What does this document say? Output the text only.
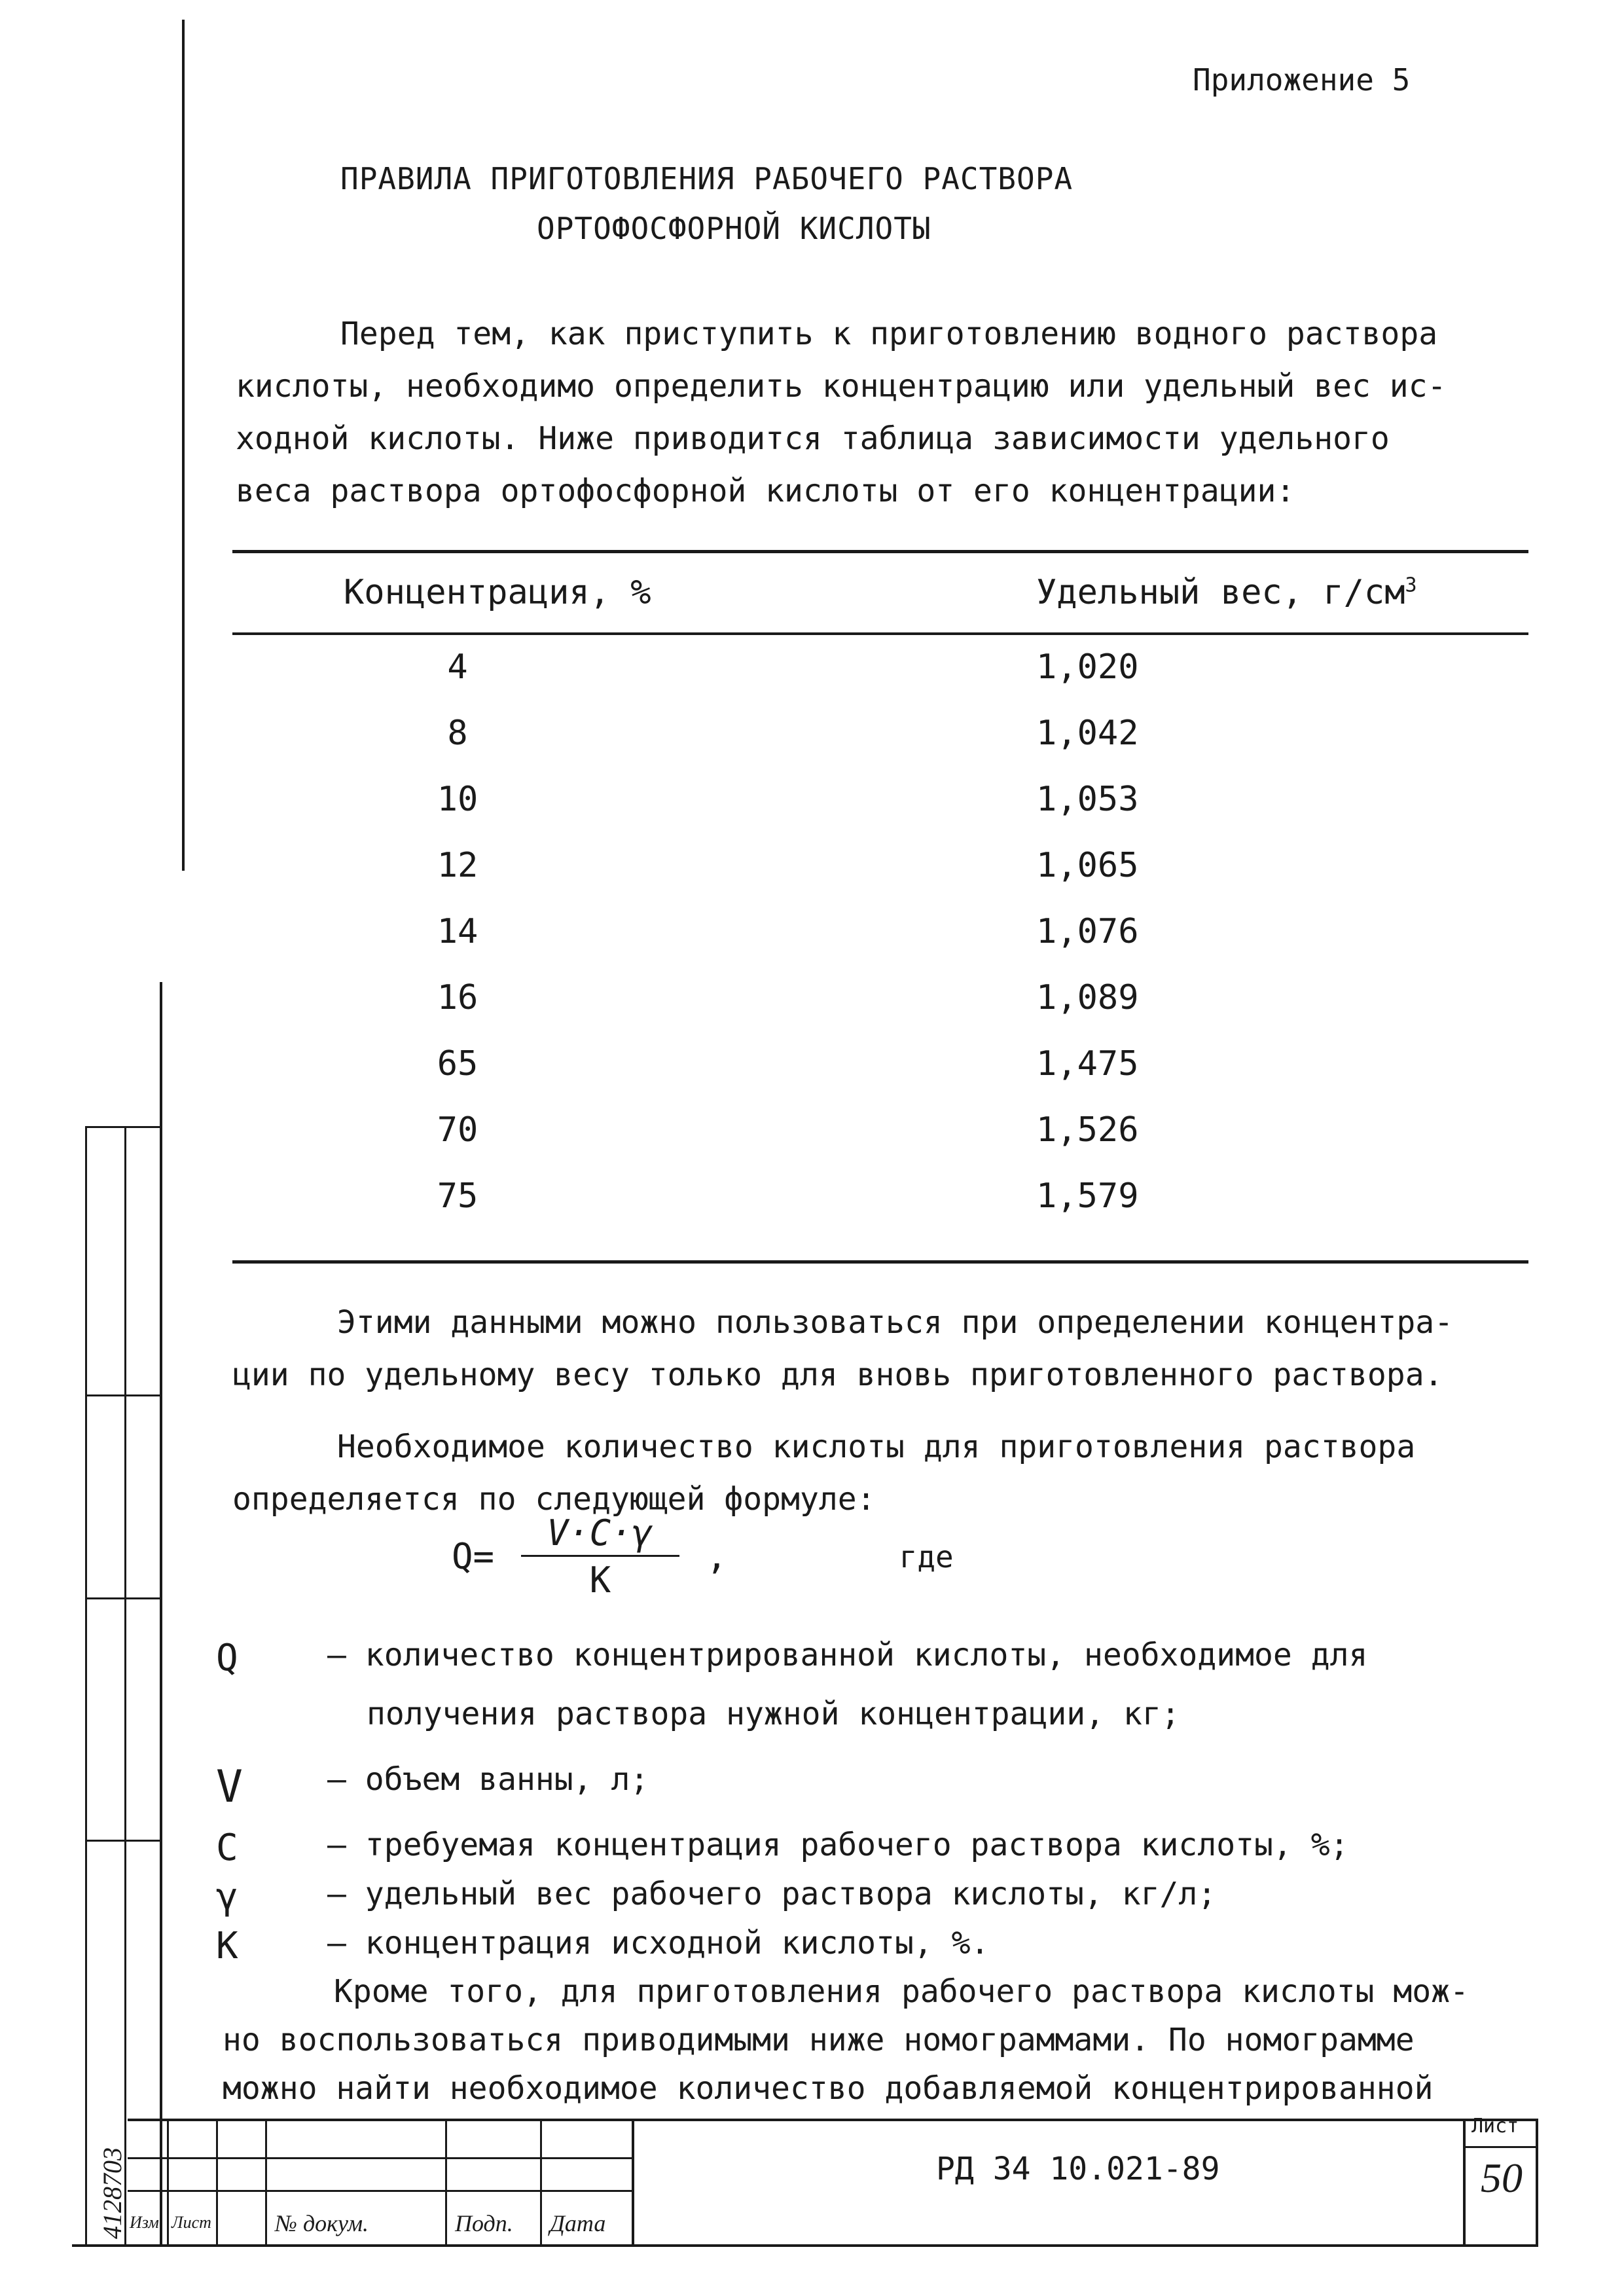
4128703
Приложение 5
ПРАВИЛА ПРИГОТОВЛЕНИЯ РАБОЧЕГО РАСТВОРА
ОРТОФОСФОРНОЙ КИСЛОТЫ
Перед тем, как приступить к приготовлению водного раствора
кислоты, необходимо определить концентрацию или удельный вес ис-
ходной кислоты. Ниже приводится таблица зависимости удельного
веса раствора ортофосфорной кислоты от его концентрации:
Концентрация, %	Удельный вес, $г/см^3$
4	1,020
8	1,042
10	1,053
12	1,065
14	1,076
16	1,089
65	1,475
70	1,526
75	1,579
Этими данными можно пользоваться при определении концентра-
ции по удельному весу только для вновь приготовленного раствора.
Необходимое количество кислоты для приготовления раствора
определяется по следующей формуле:
$Q= \frac{V\cdot C\cdot\gamma}{K}$ ,	где
Q	– количество концентрированной кислоты, необходимое для
получения раствора нужной концентрации, кг;
V	– объем ванны, л;
C	– требуемая концентрация рабочего раствора кислоты, %;
γ	– удельный вес рабочего раствора кислоты, кг/л;
K	– концентрация исходной кислоты, %.
Кроме того, для приготовления рабочего раствора кислоты мож-
но воспользоваться приводимыми ниже номограммами. По номограмме
можно найти необходимое количество добавляемой концентрированной
Изм Лист	№ докум.	Подп. Дата
РД 34 10.021-89
Лист
50
